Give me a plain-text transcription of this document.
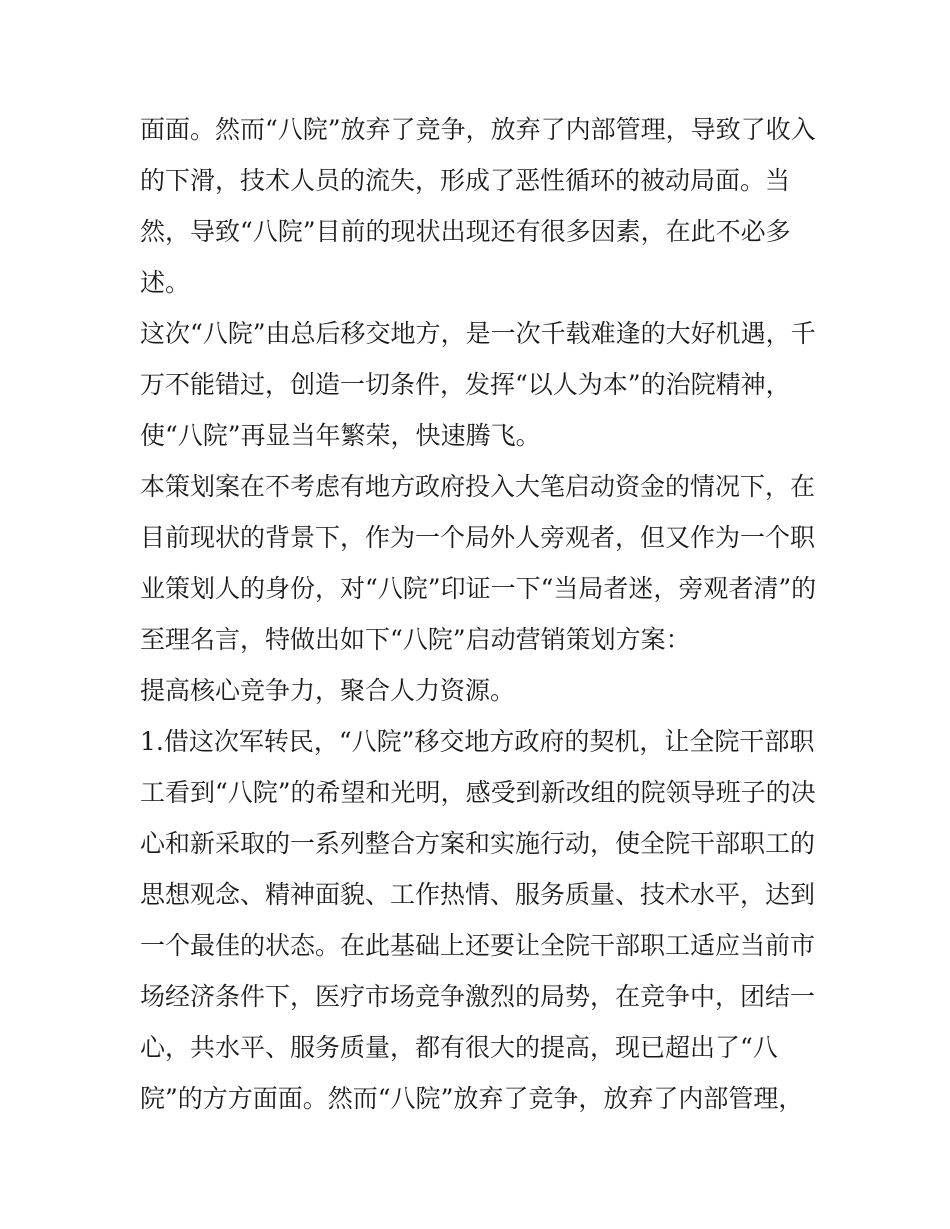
面面。然而“八院”放弃了竞争，放弃了内部管理，导致了收入
的下滑，技术人员的流失，形成了恶性循环的被动局面。当
然，导致“八院”目前的现状出现还有很多因素，在此不必多
述。
这次“八院”由总后移交地方，是一次千载难逢的大好机遇，千
万不能错过，创造一切条件，发挥“以人为本”的治院精神，
使“八院”再显当年繁荣，快速腾飞。
本策划案在不考虑有地方政府投入大笔启动资金的情况下，在
目前现状的背景下，作为一个局外人旁观者，但又作为一个职
业策划人的身份，对“八院”印证一下“当局者迷，旁观者清”的
至理名言，特做出如下“八院”启动营销策划方案：
提高核心竞争力，聚合人力资源。
1.借这次军转民，“八院”移交地方政府的契机，让全院干部职
工看到“八院”的希望和光明，感受到新改组的院领导班子的决
心和新采取的一系列整合方案和实施行动，使全院干部职工的
思想观念、精神面貌、工作热情、服务质量、技术水平，达到
一个最佳的状态。在此基础上还要让全院干部职工适应当前市
场经济条件下，医疗市场竞争激烈的局势，在竞争中，团结一
心，共水平、服务质量，都有很大的提高，现已超出了“八
院”的方方面面。然而“八院”放弃了竞争，放弃了内部管理，
